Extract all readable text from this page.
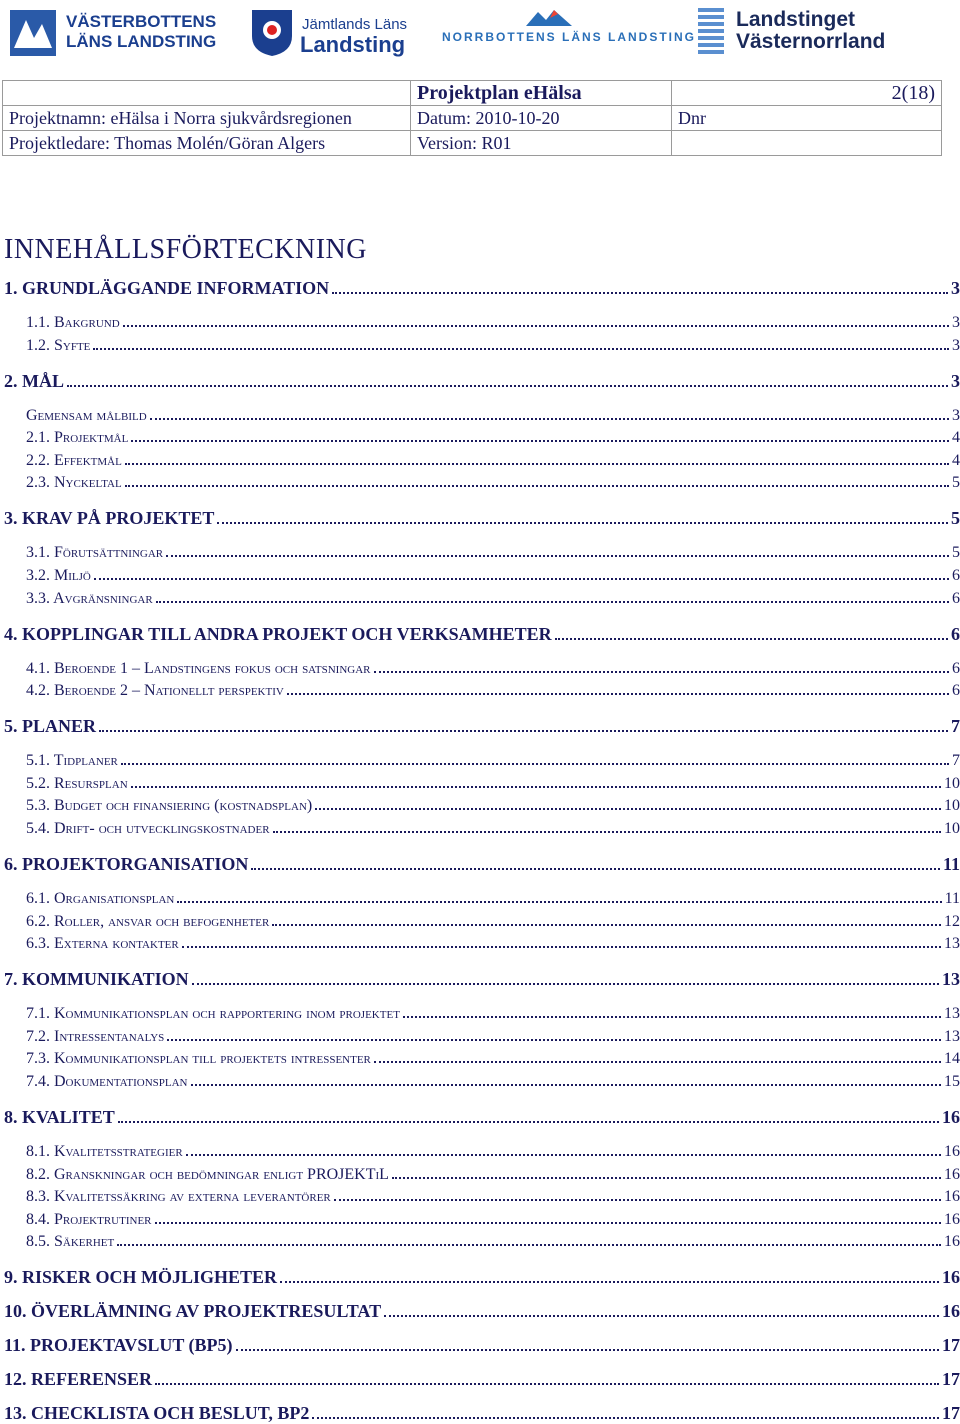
VÄSTERBOTTENS LÄNS LANDSTING
Jämtlands Läns
Landsting	NORRBOTTENS LÄNS LANDSTING
Landstinget
Västernorrland
	Projektplan eHälsa	2(18)
Projektnamn: eHälsa i Norra sjukvårdsregionen	Datum: 2010-10-20	Dnr
Projektledare: Thomas Molén/Göran Algers	Version: R01	
INNEHÅLLSFÖRTECKNING
1. GRUNDLÄGGANDE INFORMATION	3
1.1. Bakgrund	3
1.2. Syfte	3
2. MÅL	3
Gemensam målbild	3
2.1. Projektmål	4
2.2. Effektmål	4
2.3. Nyckeltal	5
3. KRAV PÅ PROJEKTET	5
3.1. Förutsättningar	5
3.2. Miljö	6
3.3. Avgränsningar	6
4. KOPPLINGAR TILL ANDRA PROJEKT OCH VERKSAMHETER	6
4.1. Beroende 1 – Landstingens fokus och satsningar	6
4.2. Beroende 2 – Nationellt perspektiv	6
5. PLANER	7
5.1. Tidplaner	7
5.2. Resursplan	10
5.3. Budget och finansiering (kostnadsplan)	10
5.4. Drift- och utvecklingskostnader	10
6. PROJEKTORGANISATION	11
6.1. Organisationsplan	11
6.2. Roller, ansvar och befogenheter	12
6.3. Externa kontakter	13
7. KOMMUNIKATION	13
7.1. Kommunikationsplan och rapportering inom projektet	13
7.2. Intressentanalys	13
7.3. Kommunikationsplan till projektets intressenter	14
7.4. Dokumentationsplan	15
8. KVALITET	16
8.1. Kvalitetsstrategier	16
8.2. Granskningar och bedömningar enligt PROJEKTiL	16
8.3. Kvalitetssäkring av externa leverantörer	16
8.4. Projektrutiner	16
8.5. Säkerhet	16
9. RISKER OCH MÖJLIGHETER	16
10. ÖVERLÄMNING AV PROJEKTRESULTAT	16
11. PROJEKTAVSLUT (BP5)	17
12. REFERENSER	17
13. CHECKLISTA OCH BESLUT, BP2	17
